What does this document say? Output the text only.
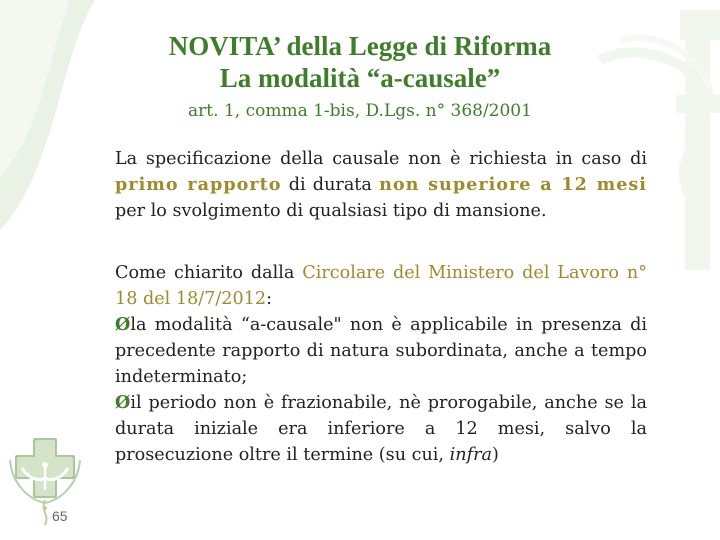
NOVITA’ della Legge di Riforma
La modalità “a-causale”
art. 1, comma 1-bis, D.Lgs. n° 368/2001
La specificazione della causale non è richiesta in caso di primo rapporto di durata non superiore a 12 mesi per lo svolgimento di qualsiasi tipo di mansione.
Come chiarito dalla Circolare del Ministero del Lavoro n° 18 del 18/7/2012:
Øla modalità “a-causale" non è applicabile in presenza di precedente rapporto di natura subordinata, anche a tempo indeterminato;
Øil periodo non è frazionabile, nè prorogabile, anche se la durata iniziale era inferiore a 12 mesi, salvo la prosecuzione oltre il termine (su cui, infra)
65
